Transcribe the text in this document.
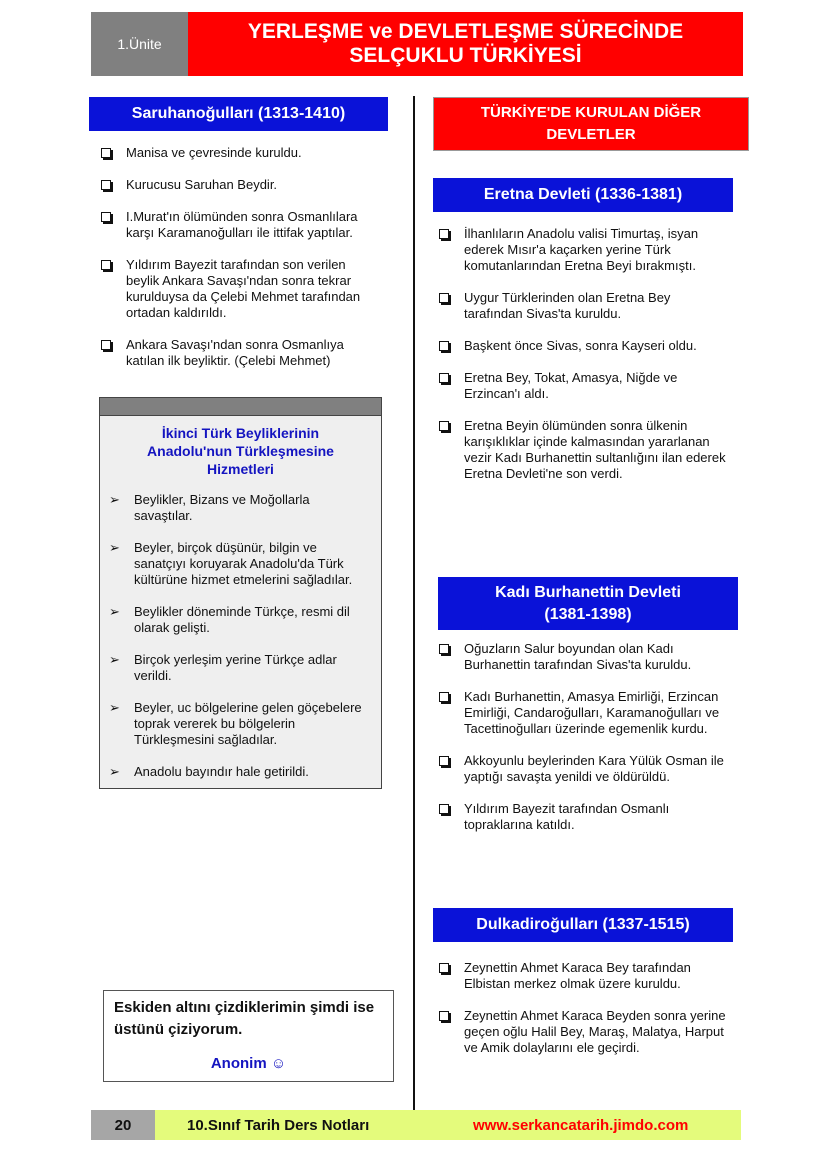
1.Ünite
YERLEŞME ve DEVLETLEŞME SÜRECİNDE
SELÇUKLU TÜRKİYESİ
Saruhanoğulları (1313-1410)
Manisa ve çevresinde kuruldu.
Kurucusu Saruhan Beydir.
I.Murat'ın ölümünden sonra Osmanlılara karşı Karamanoğulları ile ittifak yaptılar.
Yıldırım Bayezit tarafından son verilen beylik Ankara Savaşı'ndan sonra tekrar kurulduysa da Çelebi Mehmet tarafından ortadan kaldırıldı.
Ankara Savaşı'ndan sonra Osmanlıya katılan ilk beyliktir. (Çelebi Mehmet)
İkinci Türk Beyliklerinin Anadolu'nun Türkleşmesine Hizmetleri
➢ Beylikler, Bizans ve Moğollarla savaştılar.
➢ Beyler, birçok düşünür, bilgin ve sanatçıyı koruyarak Anadolu'da Türk kültürüne hizmet etmelerini sağladılar.
➢ Beylikler döneminde Türkçe, resmi dil olarak gelişti.
➢ Birçok yerleşim yerine Türkçe adlar verildi.
➢ Beyler, uc bölgelerine gelen göçebelere toprak vererek bu bölgelerin Türkleşmesini sağladılar.
➢ Anadolu bayındır hale getirildi.
Eskiden altını çizdiklerimin şimdi ise
üstünü çiziyorum.
Anonim ☺
TÜRKİYE'DE KURULAN DİĞER DEVLETLER
Eretna Devleti (1336-1381)
İlhanlıların Anadolu valisi Timurtaş, isyan ederek Mısır'a kaçarken yerine Türk komutanlarından Eretna Beyi bırakmıştı.
Uygur Türklerinden olan Eretna Bey tarafından Sivas'ta kuruldu.
Başkent önce Sivas, sonra Kayseri oldu.
Eretna Bey, Tokat, Amasya, Niğde ve Erzincan'ı aldı.
Eretna Beyin ölümünden sonra ülkenin karışıklıklar içinde kalmasından yararlanan vezir Kadı Burhanettin sultanlığını ilan ederek Eretna Devleti'ne son verdi.
Kadı Burhanettin Devleti
(1381-1398)
Oğuzların Salur boyundan olan Kadı Burhanettin tarafından Sivas'ta kuruldu.
Kadı Burhanettin, Amasya Emirliği, Erzincan Emirliği, Candaroğulları, Karamanoğulları ve Tacettinoğulları üzerinde egemenlik kurdu.
Akkoyunlu beylerinden Kara Yülük Osman ile yaptığı savaşta yenildi ve öldürüldü.
Yıldırım Bayezit tarafından Osmanlı topraklarına katıldı.
Dulkadiroğulları (1337-1515)
Zeynettin Ahmet Karaca Bey tarafından Elbistan merkez olmak üzere kuruldu.
Zeynettin Ahmet Karaca Beyden sonra yerine geçen oğlu Halil Bey, Maraş, Malatya, Harput ve Amik dolaylarını ele geçirdi.
20	10.Sınıf Tarih Ders Notları	www.serkancatarih.jimdo.com
